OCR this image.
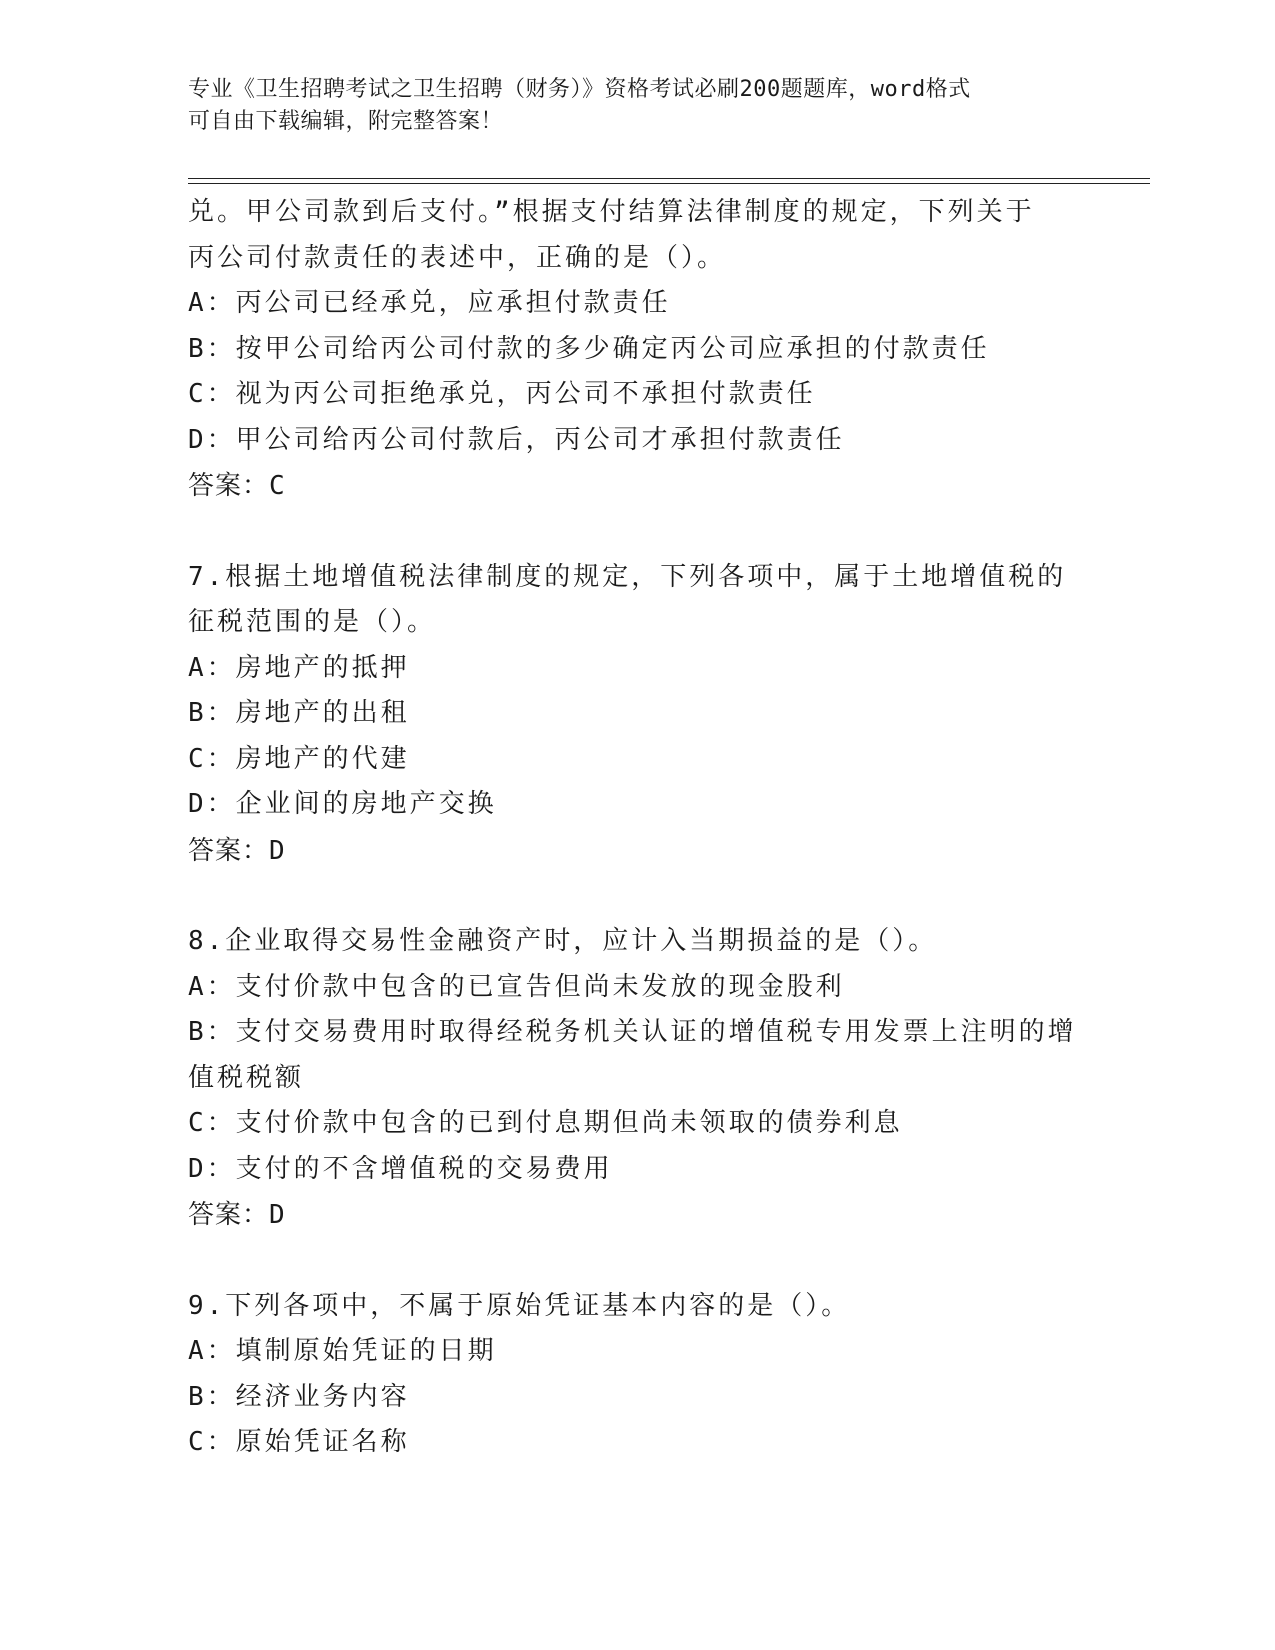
专业《卫生招聘考试之卫生招聘（财务）》资格考试必刷200题题库，word格式
可自由下载编辑，附完整答案！
兑。甲公司款到后支付。”根据支付结算法律制度的规定，下列关于
丙公司付款责任的表述中，正确的是（）。
A：丙公司已经承兑，应承担付款责任
B：按甲公司给丙公司付款的多少确定丙公司应承担的付款责任
C：视为丙公司拒绝承兑，丙公司不承担付款责任
D：甲公司给丙公司付款后，丙公司才承担付款责任
答案：C
7.根据土地增值税法律制度的规定，下列各项中，属于土地增值税的
征税范围的是（）。
A：房地产的抵押
B：房地产的出租
C：房地产的代建
D：企业间的房地产交换
答案：D
8.企业取得交易性金融资产时，应计入当期损益的是（）。
A：支付价款中包含的已宣告但尚未发放的现金股利
B：支付交易费用时取得经税务机关认证的增值税专用发票上注明的增
值税税额
C：支付价款中包含的已到付息期但尚未领取的债券利息
D：支付的不含增值税的交易费用
答案：D
9.下列各项中，不属于原始凭证基本内容的是（）。
A：填制原始凭证的日期
B：经济业务内容
C：原始凭证名称
